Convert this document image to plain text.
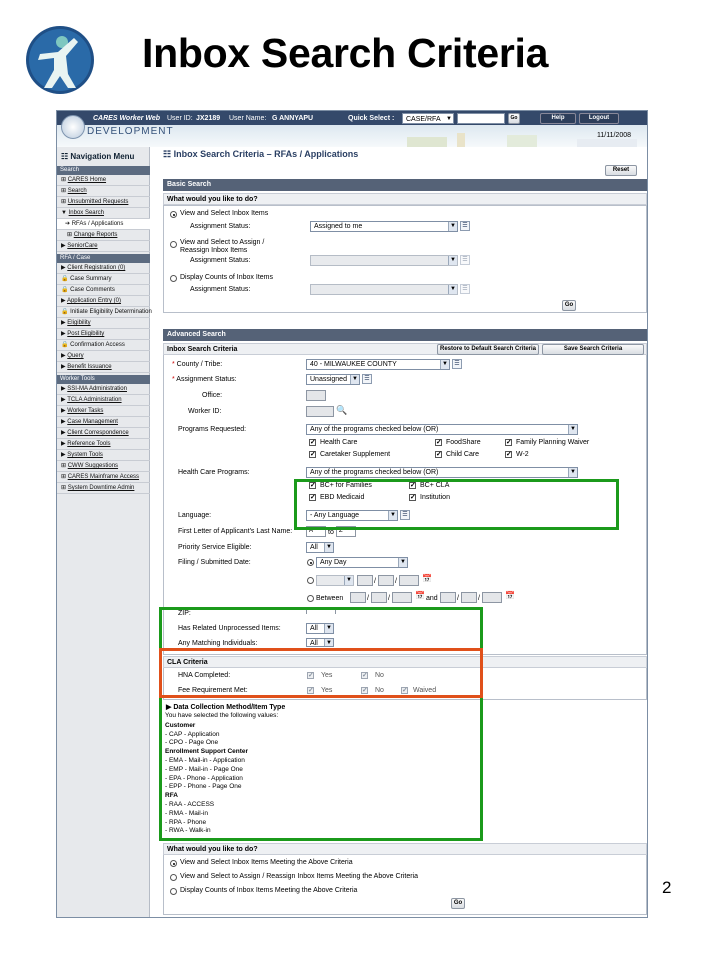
Inbox Search Criteria
2
CARES Worker Web User ID: JX2189 User Name: G ANNYAPU	Quick Select : CASE/RFA ▼	Go	Help	Logout
DEVELOPMENT	11/11/2008
☷ Navigation Menu
Search
⊞ CARES Home
⊞ Search
⊞ Unsubmitted Requests
▼ Inbox Search
➔ RFAs / Applications
⊞ Change Reports
▶ SeniorCare
RFA / Case
▶ Client Registration (0)
🔒 Case Summary
🔒 Case Comments
▶ Application Entry (0)
🔒 Initiate Eligibility Determination
▶ Eligibility
▶ Post Eligibility
🔒 Confirmation Access
▶ Query
▶ Benefit Issuance
Worker Tools
▶ SSI-MA Administration
▶ TCLA Administration
▶ Worker Tasks
▶ Case Management
▶ Client Correspondence
▶ Reference Tools
▶ System Tools
⊞ CWW Suggestions
⊞ CARES Mainframe Access
⊞ System Downtime Admin
☷ Inbox Search Criteria – RFAs / Applications
Reset
Basic Search
What would you like to do?
View and Select Inbox Items
Assignment Status:	Assigned to me	▼	☰
View and Select to Assign /
Reassign Inbox Items
Assignment Status:	▼	☰
Display Counts of Inbox Items
Assignment Status:	▼	☰
Go
Advanced Search
Inbox Search Criteria	Restore to Default Search Criteria	Save Search Criteria
* County / Tribe:	40 - MILWAUKEE COUNTY	▼	☰
* Assignment Status:	Unassigned ▼	☰
Office:
Worker ID:	🔍
Programs Requested:	Any of the programs checked below (OR)	▼
✓ Health Care	✓ FoodShare	✓ Family Planning Waiver
✓ Caretaker Supplement	✓ Child Care	✓ W-2
Health Care Programs:	Any of the programs checked below (OR)	▼
✓ BC+ for Families	✓ BC+ CLA
✓ EBD Medicaid	✓ Institution
Language:	- Any Language	▼	☰
First Letter of Applicant's Last Name:	A	to Z
Priority Service Eligible:	All	▼
Filing / Submitted Date:	Any Day	▼
▼	/	/	📅
Between	/	/	📅 and	/	/	📅
ZIP:
Has Related Unprocessed Items:	All	▼
Any Matching Individuals:	All	▼
CLA Criteria
HNA Completed:	✓ Yes	✓ No
Fee Requirement Met:	✓ Yes	✓ No	✓ Waived
▶ Data Collection Method/Item Type
You have selected the following values:
Customer
- CAP - Application
- CPO - Page One
Enrollment Support Center
- EMA - Mail-in - Application
- EMP - Mail-in - Page One
- EPA - Phone - Application
- EPP - Phone - Page One
RFA
- RAA - ACCESS
- RMA - Mail-in
- RPA - Phone
- RWA - Walk-in
What would you like to do?
View and Select Inbox Items Meeting the Above Criteria
View and Select to Assign / Reassign Inbox Items Meeting the Above Criteria
Display Counts of Inbox Items Meeting the Above Criteria
Go
